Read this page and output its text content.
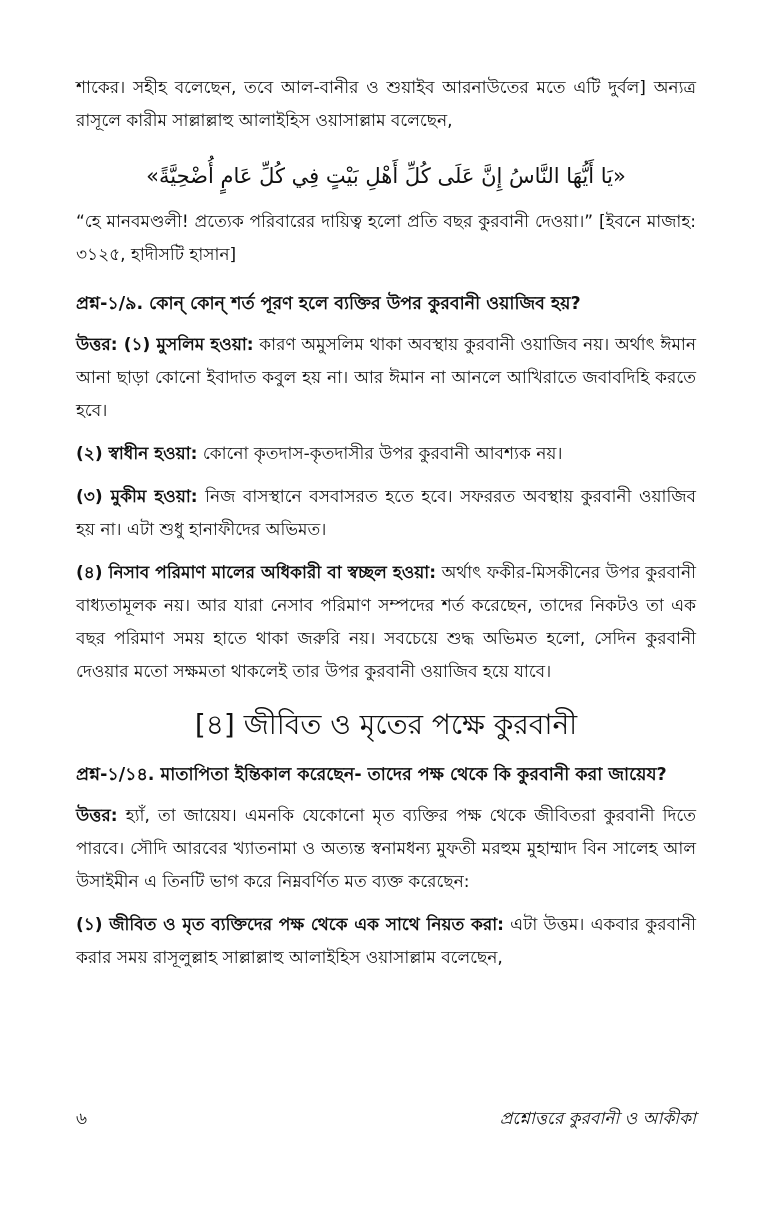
শাকের। সহীহ বলেছেন, তবে আল-বানীর ও শুয়াইব আরনাউতের মতে এটি দুর্বল] অন্যত্র রাসূলে কারীম সাল্লাল্লাহু আলাইহিস ওয়াসাল্লাম বলেছেন,

«يَا أَيُّهَا النَّاسُ إِنَّ عَلَى كُلِّ أَهْلِ بَيْتٍ فِي كُلِّ عَامٍ أُضْحِيَّةً»

“হে মানবমণ্ডলী! প্রত্যেক পরিবারের দায়িত্ব হলো প্রতি বছর কুরবানী দেওয়া।” [ইবনে মাজাহ: ৩১২৫, হাদীসটি হাসান]

প্রশ্ন-১/৯. কোন্ কোন্ শর্ত পূরণ হলে ব্যক্তির উপর কুরবানী ওয়াজিব হয়?

উত্তর: (১) মুসলিম হওয়া: কারণ অমুসলিম থাকা অবস্থায় কুরবানী ওয়াজিব নয়। অর্থাৎ ঈমান আনা ছাড়া কোনো ইবাদাত কবুল হয় না। আর ঈমান না আনলে আখিরাতে জবাবদিহি করতে হবে।

(২) স্বাধীন হওয়া: কোনো কৃতদাস-কৃতদাসীর উপর কুরবানী আবশ্যক নয়।

(৩) মুকীম হওয়া: নিজ বাসস্থানে বসবাসরত হতে হবে। সফররত অবস্থায় কুরবানী ওয়াজিব হয় না। এটা শুধু হানাফীদের অভিমত।

(৪) নিসাব পরিমাণ মালের অধিকারী বা স্বচ্ছল হওয়া: অর্থাৎ ফকীর-মিসকীনের উপর কুরবানী বাধ্যতামূলক নয়। আর যারা নেসাব পরিমাণ সম্পদের শর্ত করেছেন, তাদের নিকটও তা এক বছর পরিমাণ সময় হাতে থাকা জরুরি নয়। সবচেয়ে শুদ্ধ অভিমত হলো, সেদিন কুরবানী দেওয়ার মতো সক্ষমতা থাকলেই তার উপর কুরবানী ওয়াজিব হয়ে যাবে।

[৪] জীবিত ও মৃতের পক্ষে কুরবানী
প্রশ্ন-১/১৪. মাতাপিতা ইন্তিকাল করেছেন- তাদের পক্ষ থেকে কি কুরবানী করা জায়েয?

উত্তর: হ্যাঁ, তা জায়েয। এমনকি যেকোনো মৃত ব্যক্তির পক্ষ থেকে জীবিতরা কুরবানী দিতে পারবে। সৌদি আরবের খ্যাতনামা ও অত্যন্ত স্বনামধন্য মুফতী মরহুম মুহাম্মাদ বিন সালেহ আল উসাইমীন এ তিনটি ভাগ করে নিম্নবর্ণিত মত ব্যক্ত করেছেন:

(১) জীবিত ও মৃত ব্যক্তিদের পক্ষ থেকে এক সাথে নিয়ত করা: এটা উত্তম। একবার কুরবানী করার সময় রাসূলুল্লাহ সাল্লাল্লাহু আলাইহিস ওয়াসাল্লাম বলেছেন,

৬	প্রশ্নোত্তরে কুরবানী ও আকীকা
